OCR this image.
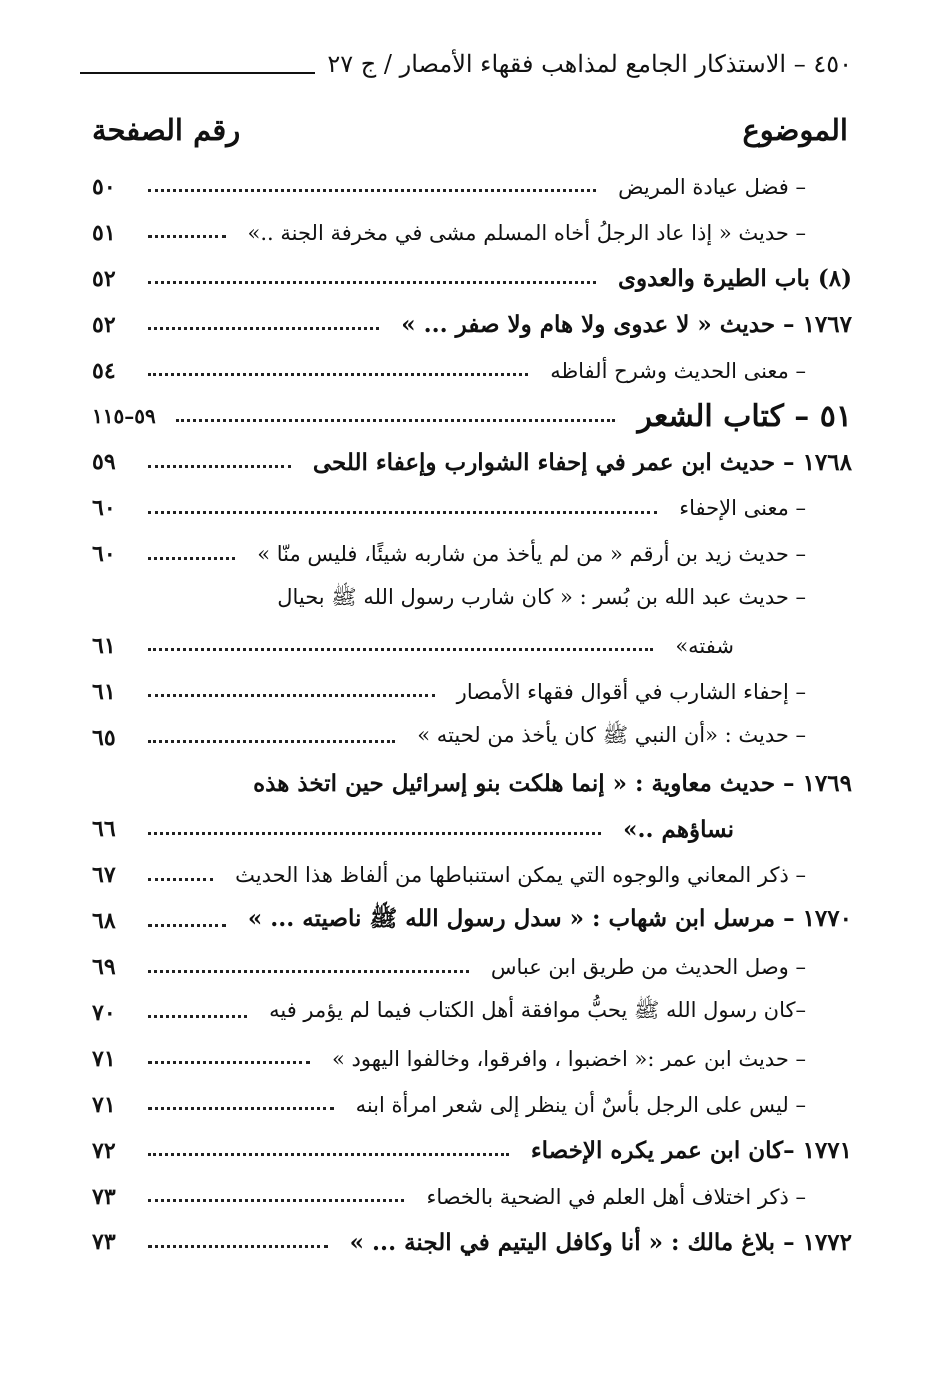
٤٥٠ – الاستذكار الجامع لمذاهب فقهاء الأمصار / ج ٢٧
الموضوع
رقم الصفحة
– فضل عيادة المريض
٥٠
– حديث « إذا عاد الرجلُ أخاه المسلم مشى في مخرفة الجنة ..»
٥١
(٨) باب الطيرة والعدوى
٥٢
١٧٦٧ – حديث « لا عدوى ولا هام ولا صفر ... »
٥٢
– معنى الحديث وشرح ألفاظه
٥٤
٥١ – كتاب الشعر
٥٩–١١٥
١٧٦٨ – حديث ابن عمر في إحفاء الشوارب وإعفاء اللحى
٥٩
– معنى الإحفاء
٦٠
– حديث زيد بن أرقم « من لم يأخذ من شاربه شيئًا، فليس منّا »
٦٠
– حديث عبد الله بن بُسر : « كان شارب رسول الله ﷺ بحيال
شفته»
٦١
– إحفاء الشارب في أقوال فقهاء الأمصار
٦١
– حديث : «أن النبي ﷺ كان يأخذ من لحيته »
٦٥
١٧٦٩ – حديث معاوية : « إنما هلكت بنو إسرائيل حين اتخذ هذه
نساؤهم ..»
٦٦
– ذكر المعاني والوجوه التي يمكن استنباطها من ألفاظ هذا الحديث
٦٧
١٧٧٠ – مرسل ابن شهاب : « سدل رسول الله ﷺ ناصيته ... »
٦٨
– وصل الحديث من طريق ابن عباس
٦٩
–كان رسول الله ﷺ يحبُّ موافقة أهل الكتاب فيما لم يؤمر فيه
٧٠
– حديث ابن عمر :« اخضبوا ، وافرقوا، وخالفوا اليهود »
٧١
– ليس على الرجل بأسٌ أن ينظر إلى شعر امرأة ابنه
٧١
١٧٧١ –كان ابن عمر يكره الإخصاء
٧٢
– ذكر اختلاف أهل العلم في الضحية بالخصاء
٧٣
١٧٧٢ – بلاغ مالك : « أنا وكافل اليتيم في الجنة ... »
٧٣
